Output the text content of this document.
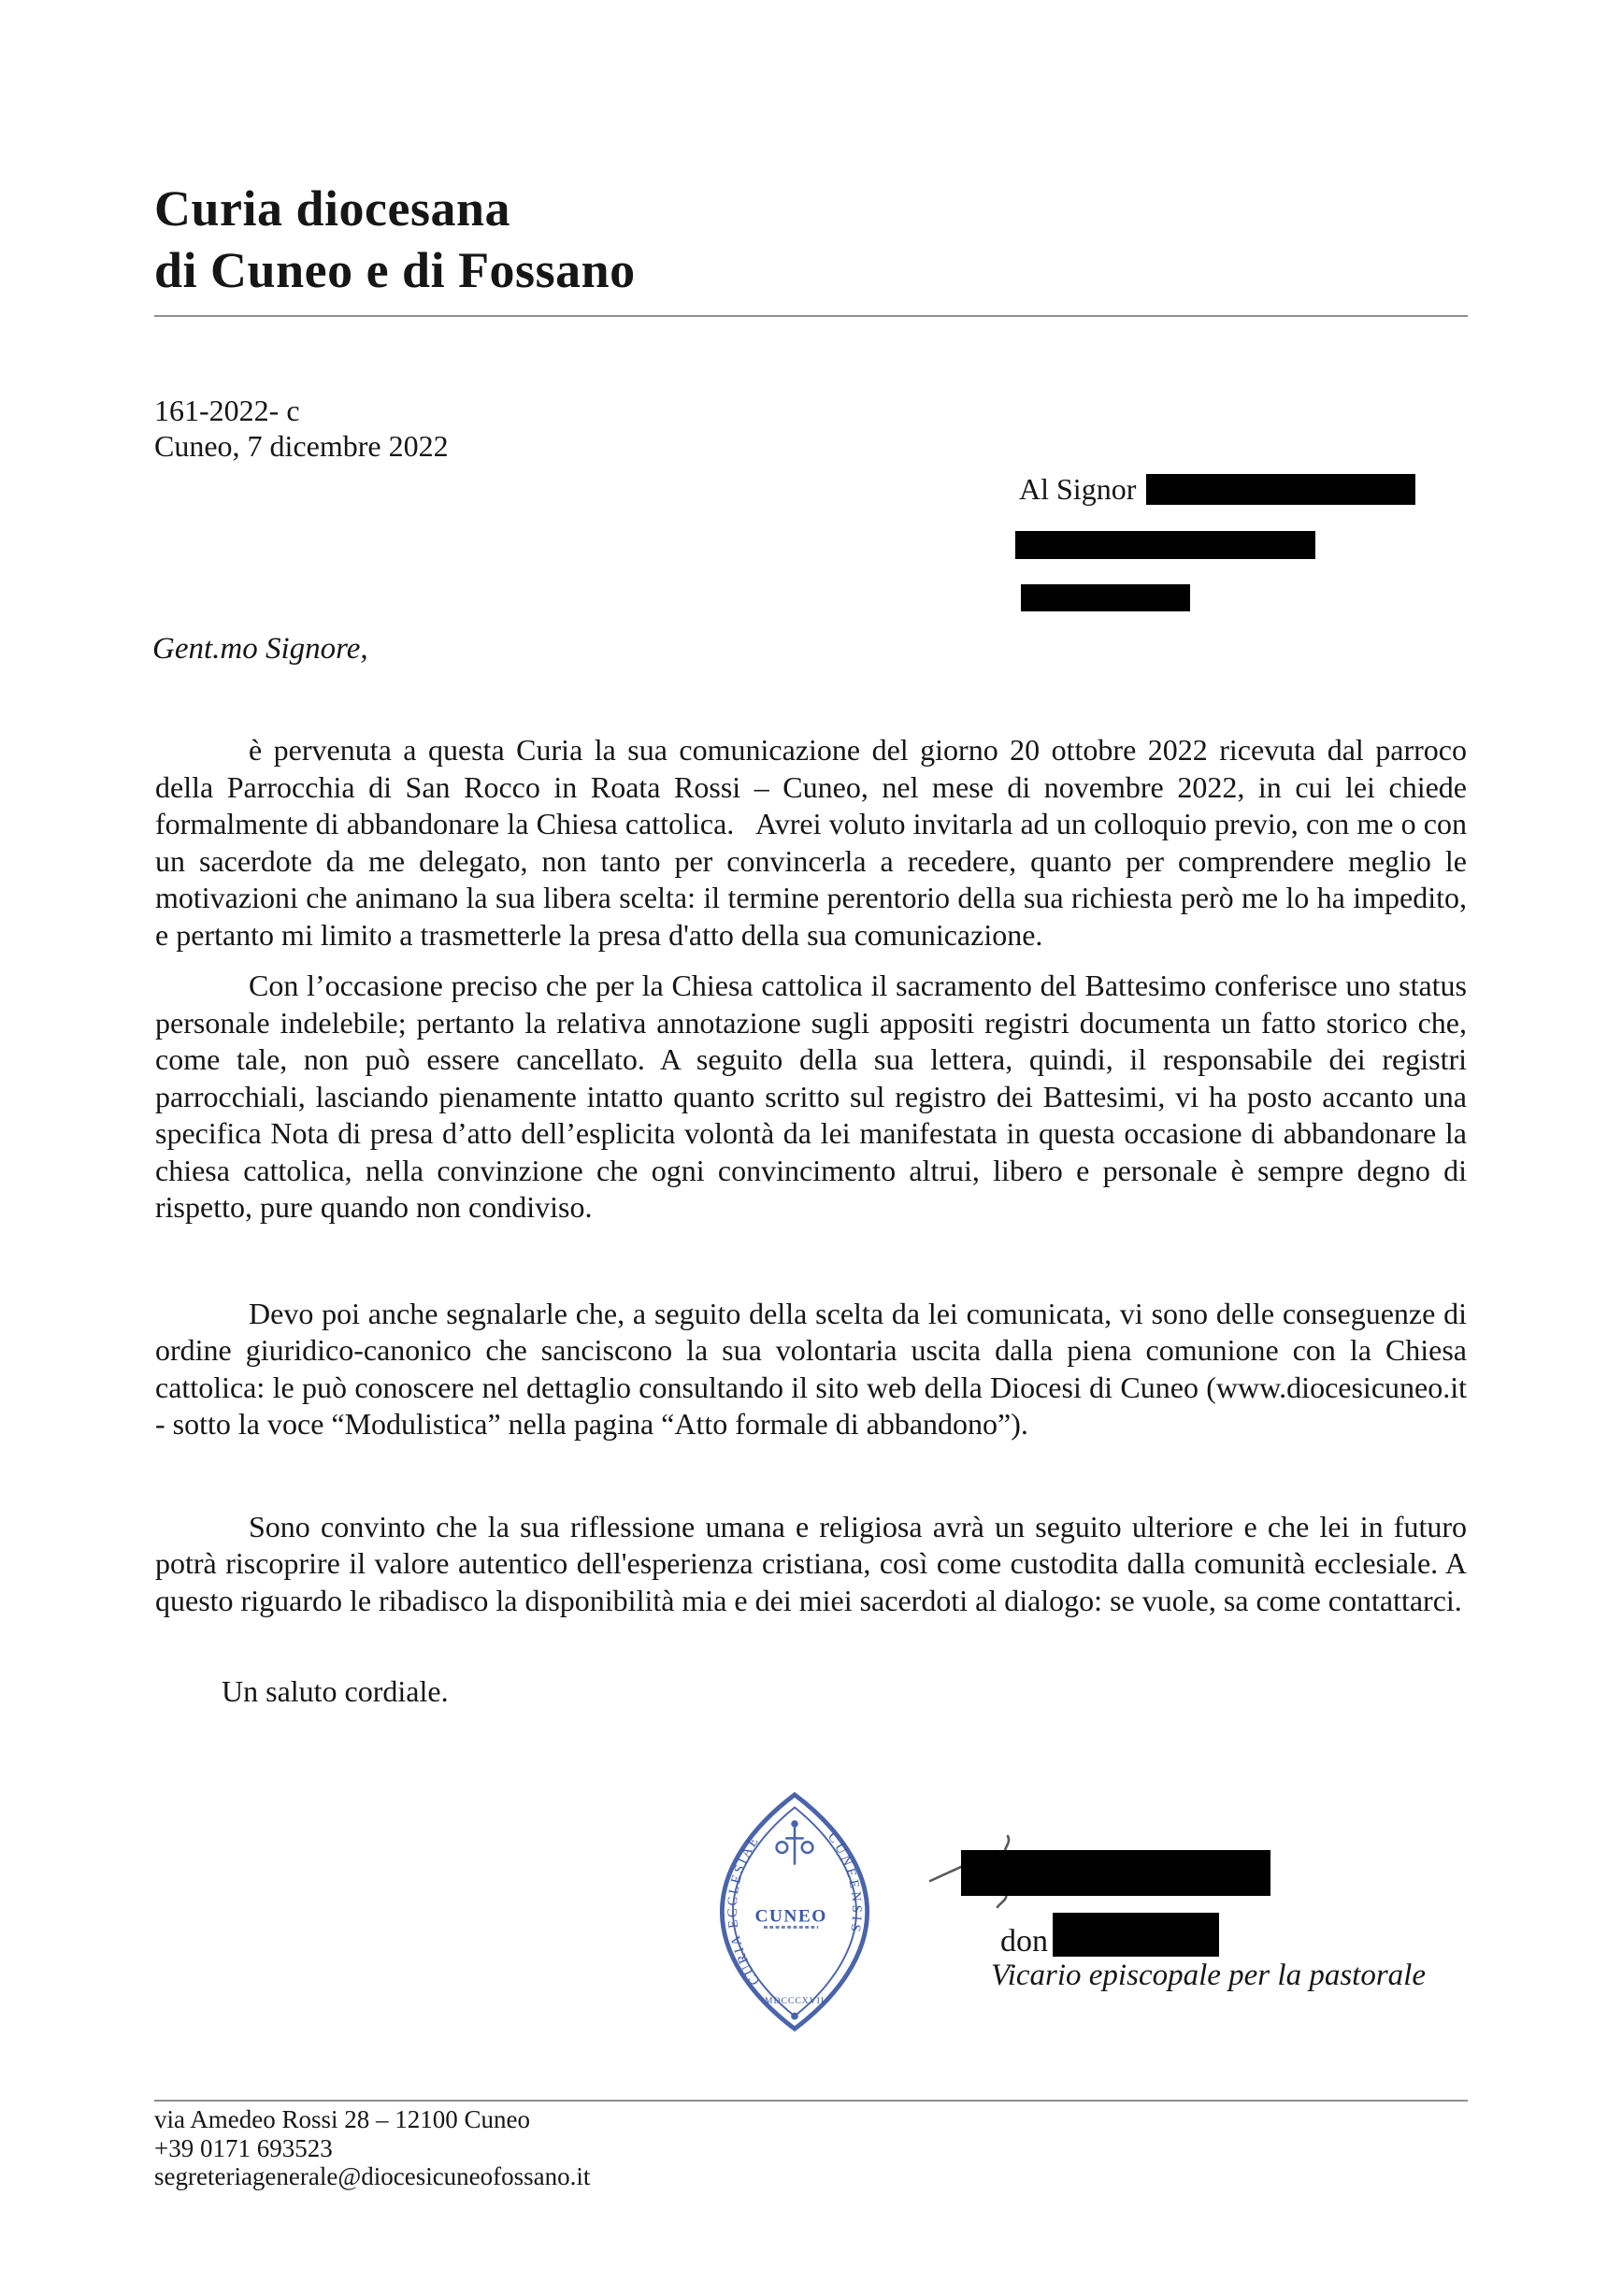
Curia diocesana
di Cuneo e di Fossano
161-2022- c
Cuneo, 7 dicembre 2022
Al Signor
Gent.mo Signore,

è pervenuta a questa Curia la sua comunicazione del giorno 20 ottobre 2022 ricevuta dal parroco della Parrocchia di San Rocco in Roata Rossi – Cuneo, nel mese di novembre 2022, in cui lei chiede formalmente di abbandonare la Chiesa cattolica.   Avrei voluto invitarla ad un colloquio previo, con me o con un sacerdote da me delegato, non tanto per convincerla a recedere, quanto per comprendere meglio le motivazioni che animano la sua libera scelta: il termine perentorio della sua richiesta però me lo ha impedito, e pertanto mi limito a trasmetterle la presa d'atto della sua comunicazione.

Con l’occasione preciso che per la Chiesa cattolica il sacramento del Battesimo conferisce uno status personale indelebile; pertanto la relativa annotazione sugli appositi registri documenta un fatto storico che, come tale, non può essere cancellato. A seguito della sua lettera, quindi, il responsabile dei registri parrocchiali, lasciando pienamente intatto quanto scritto sul registro dei Battesimi, vi ha posto accanto una specifica Nota di presa d’atto dell’esplicita volontà da lei manifestata in questa occasione di abbandonare la chiesa cattolica, nella convinzione che ogni convincimento altrui, libero e personale è sempre degno di rispetto, pure quando non condiviso.

Devo poi anche segnalarle che, a seguito della scelta da lei comunicata, vi sono delle conseguenze di ordine giuridico-canonico che sanciscono la sua volontaria uscita dalla piena comunione con la Chiesa cattolica: le può conoscere nel dettaglio consultando il sito web della Diocesi di Cuneo (www.diocesicuneo.it - sotto la voce “Modulistica” nella pagina “Atto formale di abbandono”).

Sono convinto che la sua riflessione umana e religiosa avrà un seguito ulteriore e che lei in futuro potrà riscoprire il valore autentico dell'esperienza cristiana, così come custodita dalla comunità ecclesiale. A questo riguardo le ribadisco la disponibilità mia e dei miei sacerdoti al dialogo: se vuole, sa come contattarci.

Un saluto cordiale.

CURIA ECCLESIAE	CUNEENSIS
CUNEO
MDCCCXVII
don
Vicario episcopale per la pastorale
via Amedeo Rossi 28 – 12100 Cuneo
+39 0171 693523
segreteriagenerale@diocesicuneofossano.it
